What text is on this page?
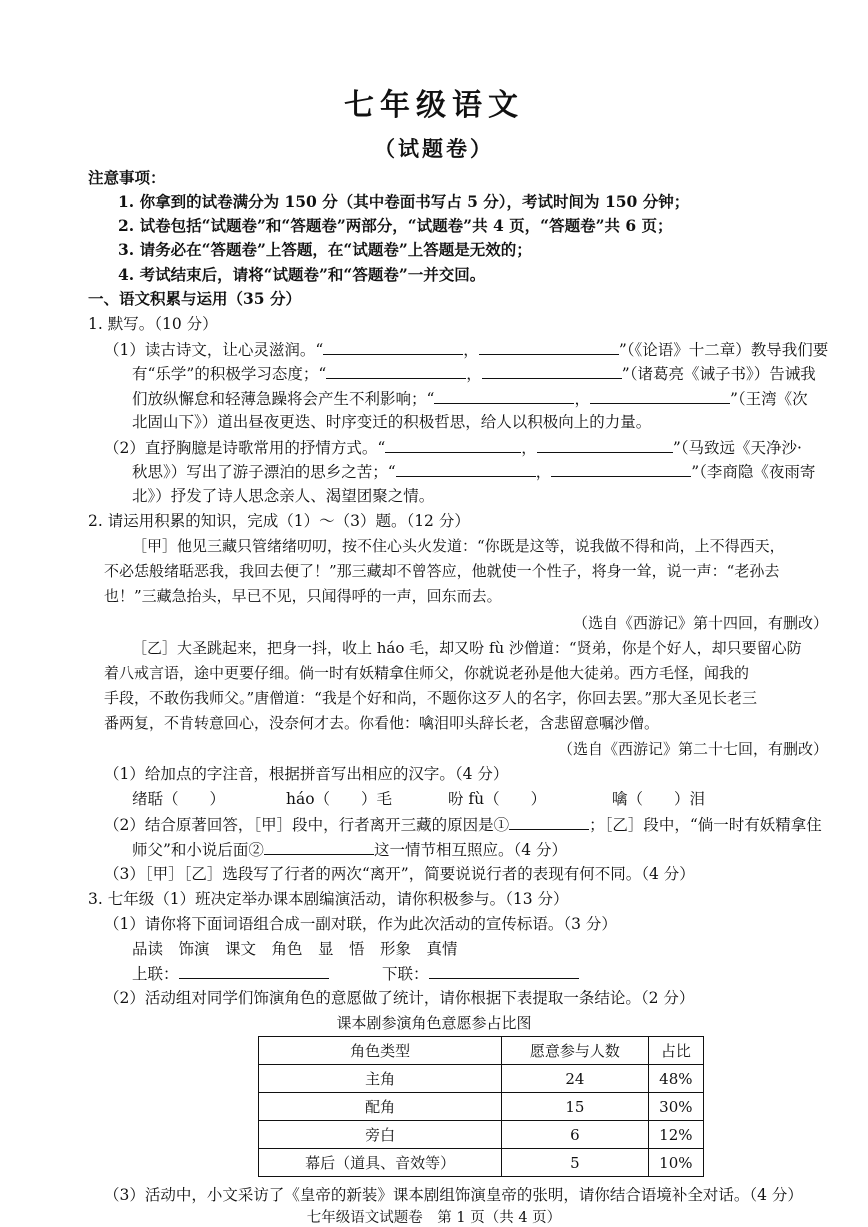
七年级语文
（试题卷）
注意事项：
1. 你拿到的试卷满分为 150 分（其中卷面书写占 5 分），考试时间为 150 分钟；
2. 试卷包括“试题卷”和“答题卷”两部分，“试题卷”共 4 页，“答题卷”共 6 页；
3. 请务必在“答题卷”上答题，在“试题卷”上答题是无效的；
4. 考试结束后，请将“试题卷”和“答题卷”一并交回。
一、语文积累与运用（35 分）
1. 默写。（10 分）
（1）读古诗文，让心灵滋润。“	，	”（《论语》十二章）教导我们要
有“乐学”的积极学习态度；“	，	”（诸葛亮《诫子书》）告诫我
们放纵懈怠和轻薄急躁将会产生不利影响；“	，	”（王湾《次
北固山下》）道出昼夜更迭、时序变迁的积极哲思，给人以积极向上的力量。
（2）直抒胸臆是诗歌常用的抒情方式。“	，	”（马致远《天净沙·
秋思》）写出了游子漂泊的思乡之苦；“	，	”（李商隐《夜雨寄
北》）抒发了诗人思念亲人、渴望团聚之情。
2. 请运用积累的知识，完成（1）～（3）题。（12 分）
［甲］他见三藏只管绪绪叨叨，按不住心头火发道：“你既是这等，说我做不得和尚，上不得西天，
不必恁般绪聒恶我，我回去便了！”那三藏却不曾答应，他就使一个性子，将身一耸，说一声：“老孙去
也！”三藏急抬头，早已不见，只闻得呼的一声，回东而去。
（选自《西游记》第十四回，有删改）
［乙］大圣跳起来，把身一抖，收上 háo 毛，却又吩 fù 沙僧道：“贤弟，你是个好人，却只要留心防
着八戒言语，途中更要仔细。倘一时有妖精拿住师父，你就说老孙是他大徒弟。西方毛怪，闻我的
手段，不敢伤我师父。”唐僧道：“我是个好和尚，不题你这歹人的名字，你回去罢。”那大圣见长老三
番两复，不肯转意回心，没奈何才去。你看他：噙泪叩头辞长老，含悲留意嘱沙僧。
（选自《西游记》第二十七回，有删改）
（1）给加点的字注音，根据拼音写出相应的汉字。（4 分）
绪聒（　　）	háo（　　）毛	吩 fù（　　）	噙（　　）泪
（2）结合原著回答，［甲］段中，行者离开三藏的原因是①	；［乙］段中，“倘一时有妖精拿住
师父”和小说后面②	这一情节相互照应。（4 分）
（3）［甲］［乙］选段写了行者的两次“离开”，简要说说行者的表现有何不同。（4 分）
3. 七年级（1）班决定举办课本剧编演活动，请你积极参与。（13 分）
（1）请你将下面词语组合成一副对联，作为此次活动的宣传标语。（3 分）
品读　饰演　课文　角色　显　悟　形象　真情
上联：	下联：
（2）活动组对同学们饰演角色的意愿做了统计，请你根据下表提取一条结论。（2 分）
课本剧参演角色意愿参占比图
角色类型	愿意参与人数	占比
主角	24	48%
配角	15	30%
旁白	6	12%
幕后（道具、音效等）	5	10%
（3）活动中，小文采访了《皇帝的新装》课本剧组饰演皇帝的张明，请你结合语境补全对话。（4 分）
七年级语文试题卷　第 1 页（共 4 页）
